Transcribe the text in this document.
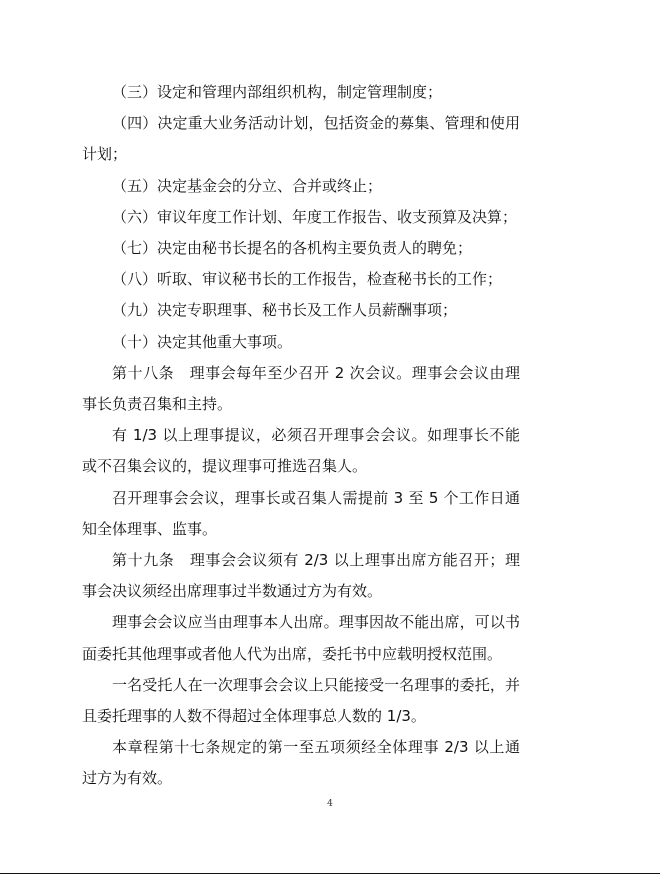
（三）设定和管理内部组织机构，制定管理制度；

（四）决定重大业务活动计划，包括资金的募集、管理和使用计划；

（五）决定基金会的分立、合并或终止；

（六）审议年度工作计划、年度工作报告、收支预算及决算；

（七）决定由秘书长提名的各机构主要负责人的聘免；

（八）听取、审议秘书长的工作报告，检查秘书长的工作；

（九）决定专职理事、秘书长及工作人员薪酬事项；

（十）决定其他重大事项。

第十八条　理事会每年至少召开 2 次会议。理事会会议由理事长负责召集和主持。

有 1/3 以上理事提议，必须召开理事会会议。如理事长不能或不召集会议的，提议理事可推选召集人。

召开理事会会议，理事长或召集人需提前 3 至 5 个工作日通知全体理事、监事。

第十九条　理事会会议须有 2/3 以上理事出席方能召开；理事会决议须经出席理事过半数通过方为有效。

理事会会议应当由理事本人出席。理事因故不能出席，可以书面委托其他理事或者他人代为出席，委托书中应载明授权范围。

一名受托人在一次理事会会议上只能接受一名理事的委托，并且委托理事的人数不得超过全体理事总人数的 1/3。

本章程第十七条规定的第一至五项须经全体理事 2/3 以上通过方为有效。

4
